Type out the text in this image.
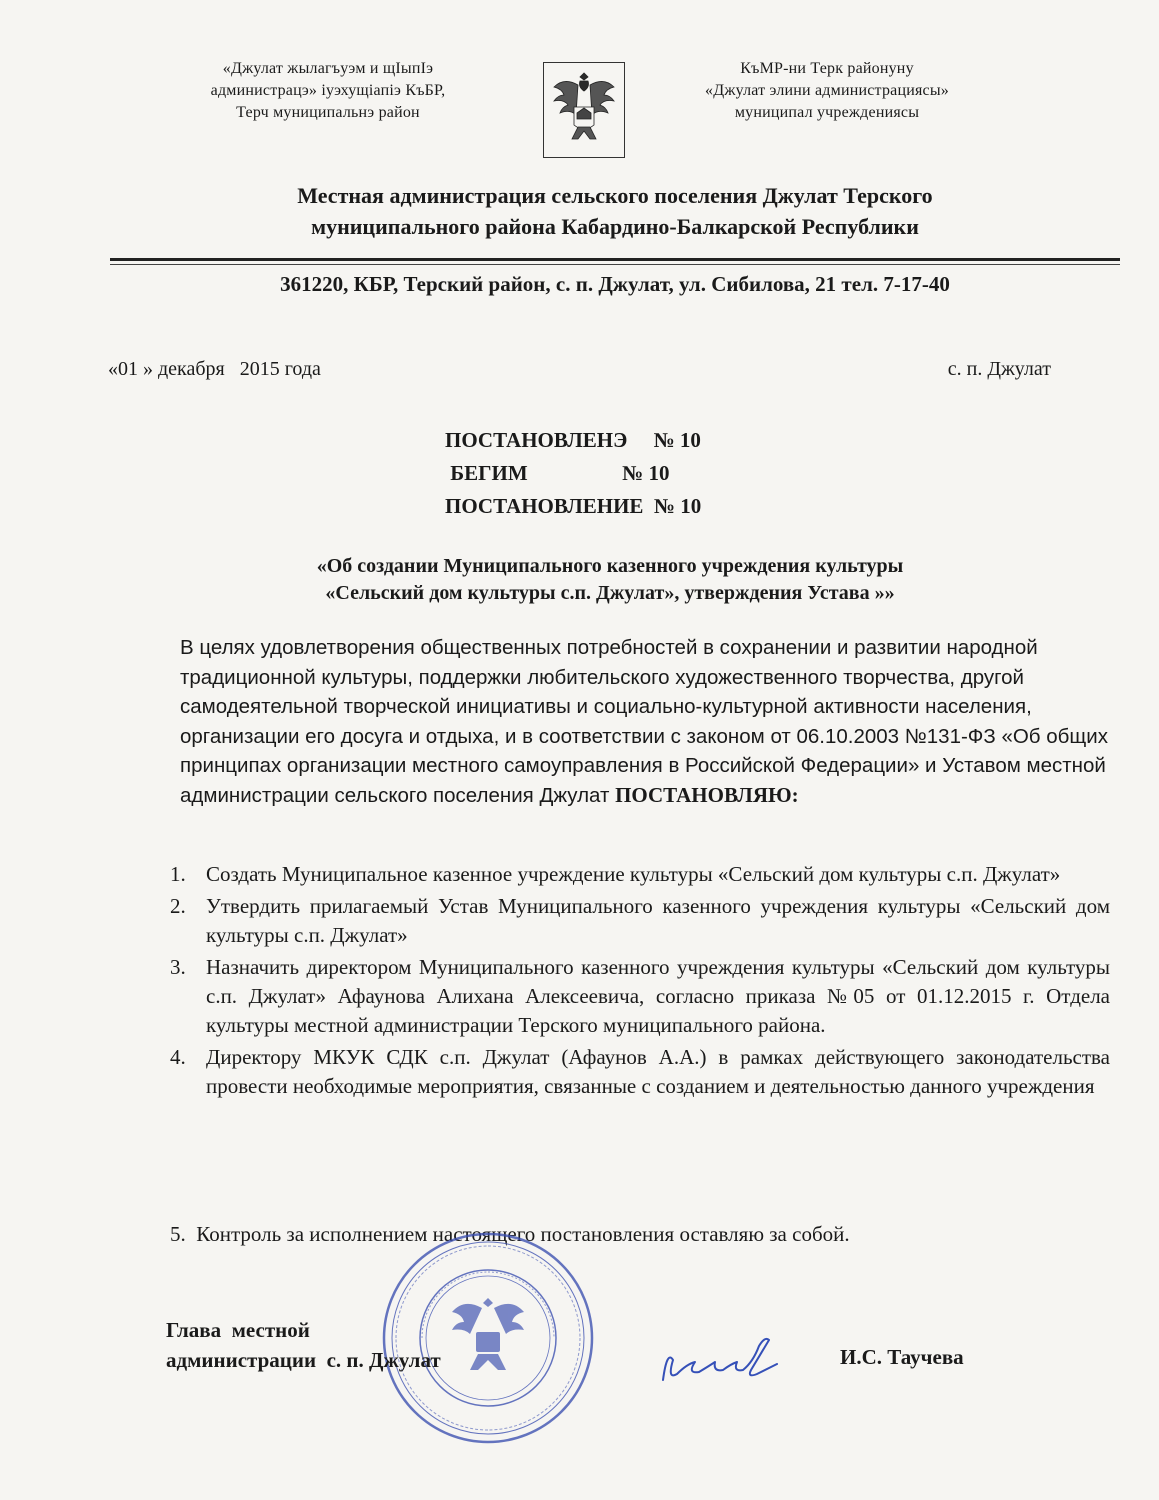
«Джулат жылагъуэм и щIыпIэ
администрацэ» iуэхущiапiэ КъБР,
Терч муниципальнэ район
КъМР-ни Терк районуну
«Джулат элини администрациясы»
муниципал учреждениясы
Местная администрация сельского поселения Джулат Терского
муниципального района Кабардино-Балкарской Республики
361220, КБР, Терский район, с. п. Джулат, ул. Сибилова, 21 тел. 7-17-40
«01 » декабря   2015 года	с. п. Джулат
ПОСТАНОВЛЕНЭ     № 10
БЕГИМ                  № 10
ПОСТАНОВЛЕНИЕ  № 10
«Об создании Муниципального казенного учреждения культуры
«Сельский дом культуры с.п. Джулат», утверждения Устава »»

В целях удовлетворения общественных потребностей в сохранении и развитии народной традиционной культуры, поддержки любительского художественного творчества, другой самодеятельной творческой инициативы и социально-культурной активности населения, организации его досуга и отдыха, и в соответствии с законом от 06.10.2003 №131-ФЗ «Об общих принципах организации местного самоуправления в Российской Федерации» и Уставом местной администрации сельского поселения Джулат ПОСТАНОВЛЯЮ:

1. Создать Муниципальное казенное учреждение культуры «Сельский дом культуры с.п. Джулат»
2. Утвердить прилагаемый Устав Муниципального казенного учреждения культуры «Сельский дом культуры с.п. Джулат»
3. Назначить директором Муниципального казенного учреждения культуры «Сельский дом культуры с.п. Джулат» Афаунова Алихана Алексеевича, согласно приказа №05 от 01.12.2015 г. Отдела культуры местной администрации Терского муниципального района.
4. Директору МКУК СДК с.п. Джулат (Афаунов А.А.) в рамках действующего законодательства провести необходимые мероприятия, связанные с созданием и деятельностью данного учреждения
5.  Контроль за исполнением настоящего постановления оставляю за собой.
Глава  местной
администрации  с. п. Джулат	И.С. Таучева
